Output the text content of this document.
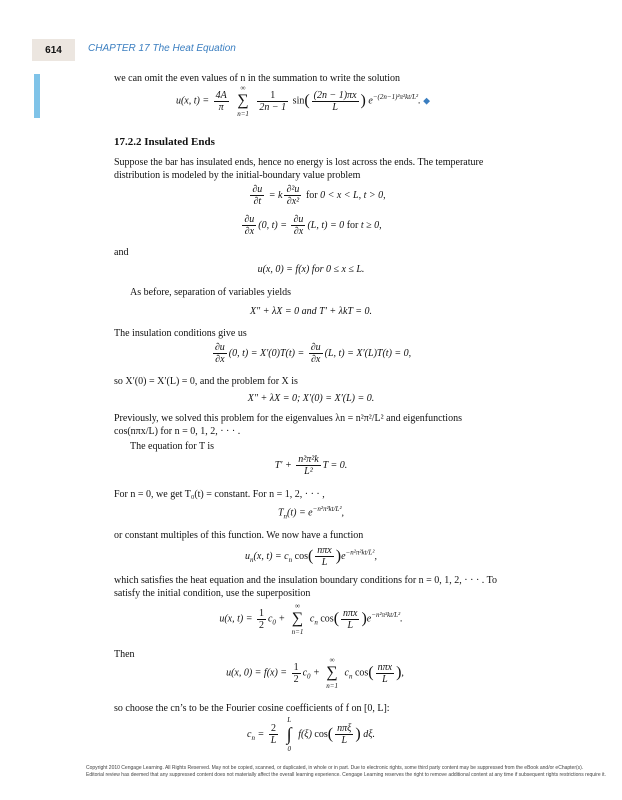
614	CHAPTER 17 The Heat Equation
we can omit the even values of n in the summation to write the solution
u(x, $t) = \frac{4A}{\pi}$

∞
∑
n=1

$\frac{1}{2n - 1} \sin( \frac{(2n - 1)\pi x}{L}$ ) $e^{-(2n-1)^2\pi^2kt/L^2}$. ◆
17.2.2 Insulated Ends
Suppose the bar has insulated ends, hence no energy is lost across the ends. The temperature
distribution is modeled by the initial-boundary value problem
$\frac{\partial u}{\partial t} = k \frac{\text{∂²u}}{\text{∂x²}}$ for 0 < x < L, t > 0,
$\frac{\partial u}{\partial x} (0$, $t) = \frac{\partial u}{\partial x} (L$, t) = 0 for t ≥ 0,
and
u(x, 0) = f(x) for 0 ≤ x ≤ L.
As before, separation of variables yields
X″ + λX = 0 and T′ + λkT = 0.
The insulation conditions give us
$\frac{\partial u}{\partial x} (0$, $t) = X'(0)T(t) = \frac{\partial u}{\partial x} (L$, t) = X′(L)T(t) = 0,
so X′(0) = X′(L) = 0, and the problem for X is
X″ + λX = 0; X′(0) = X′(L) = 0.
Previously, we solved this problem for the eigenvalues λn = n²π²/L² and eigenfunctions
cos(nπx/L) for n = 0, 1, 2, · · · .
The equation for T is
$T' + \frac{\text{n²π²k}}{\text{L²}}$ T = 0.
For n = 0, we get T₀(t) = constant. For n = 1, 2, · · · ,
$T_n(t) = e^{-n^2\pi^2kt/L^2}$,
or constant multiples of this function. We now have a function
$u_n(x$, $t) = c_n$ $\cos( \frac{\text{nπx}}{L} )e^{-n^2\pi^2kt/L^2}$,
which satisfies the heat equation and the insulation boundary conditions for n = 0, 1, 2, · · · . To
satisfy the initial condition, use the superposition
u(x, $t) = \frac{1}{2} c_0$ +
∞
∑
n=1
$c_n$ $\cos( \frac{\text{nπx}}{L} )e^{-n^2\pi^2kt/L^2}$.
Then
u(x, $0) = f(x) = \frac{1}{2} c_0$ +
∞
∑
n=1
$c_n$ $\cos( \frac{\text{nπx}}{L}$ ),
so choose the cn’s to be the Fourier cosine coefficients of f on [0, L]:
$c_n = \frac{2}{L}$

L
∫
0
f(ξ) $\cos( \frac{\text{nπξ}}{L}$ ) dξ.
Copyright 2010 Cengage Learning. All Rights Reserved. May not be copied, scanned, or duplicated, in whole or in part. Due to electronic rights, some third party content may be suppressed from the eBook and/or eChapter(s).
Editorial review has deemed that any suppressed content does not materially affect the overall learning experience. Cengage Learning reserves the right to remove additional content at any time if subsequent rights restrictions require it.
